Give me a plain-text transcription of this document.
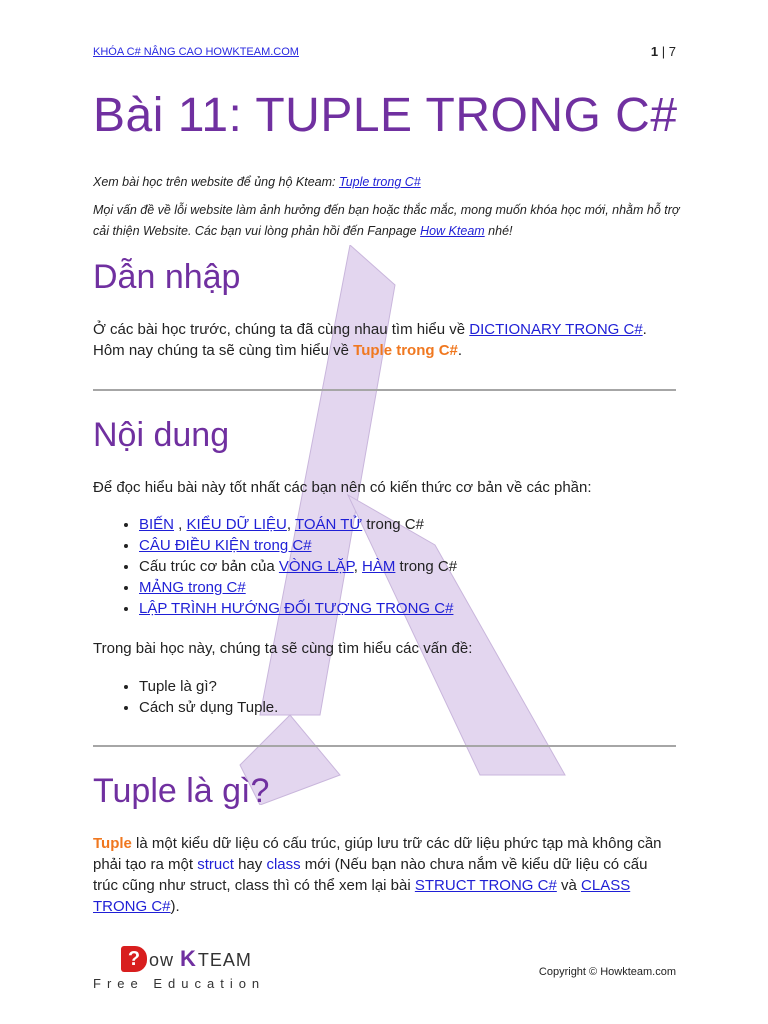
KHÓA C# NÂNG CAO HOWKTEAM.COM	1 | 7
Bài 11: TUPLE TRONG C#
Xem bài học trên website để ủng hộ Kteam: Tuple trong C#
Mọi vấn đề về lỗi website làm ảnh hưởng đến bạn hoặc thắc mắc, mong muốn khóa học mới, nhằm hỗ trợ cải thiện Website. Các bạn vui lòng phản hồi đến Fanpage How Kteam nhé!
Dẫn nhập

Ở các bài học trước, chúng ta đã cùng nhau tìm hiểu về DICTIONARY TRONG C#. Hôm nay chúng ta sẽ cùng tìm hiểu về Tuple trong C#.

Nội dung

Để đọc hiểu bài này tốt nhất các bạn nên có kiến thức cơ bản về các phần:

• BIẾN , KIỂU DỮ LIỆU, TOÁN TỬ trong C#
• CÂU ĐIỀU KIỆN trong C#
• Cấu trúc cơ bản của VÒNG LẶP, HÀM trong C#
• MẢNG trong C#
• LẬP TRÌNH HƯỚNG ĐỐI TƯỢNG TRONG C#

Trong bài học này, chúng ta sẽ cùng tìm hiểu các vấn đề:

• Tuple là gì?
• Cách sử dụng Tuple.
Tuple là gì?

Tuple là một kiểu dữ liệu có cấu trúc, giúp lưu trữ các dữ liệu phức tạp mà không cần phải tạo ra một struct hay class mới (Nếu bạn nào chưa nắm về kiểu dữ liệu có cấu trúc cũng như struct, class thì có thể xem lại bài STRUCT TRONG C# và CLASS TRONG C#).

? ow KTEAM
Free Education
Copyright © Howkteam.com
